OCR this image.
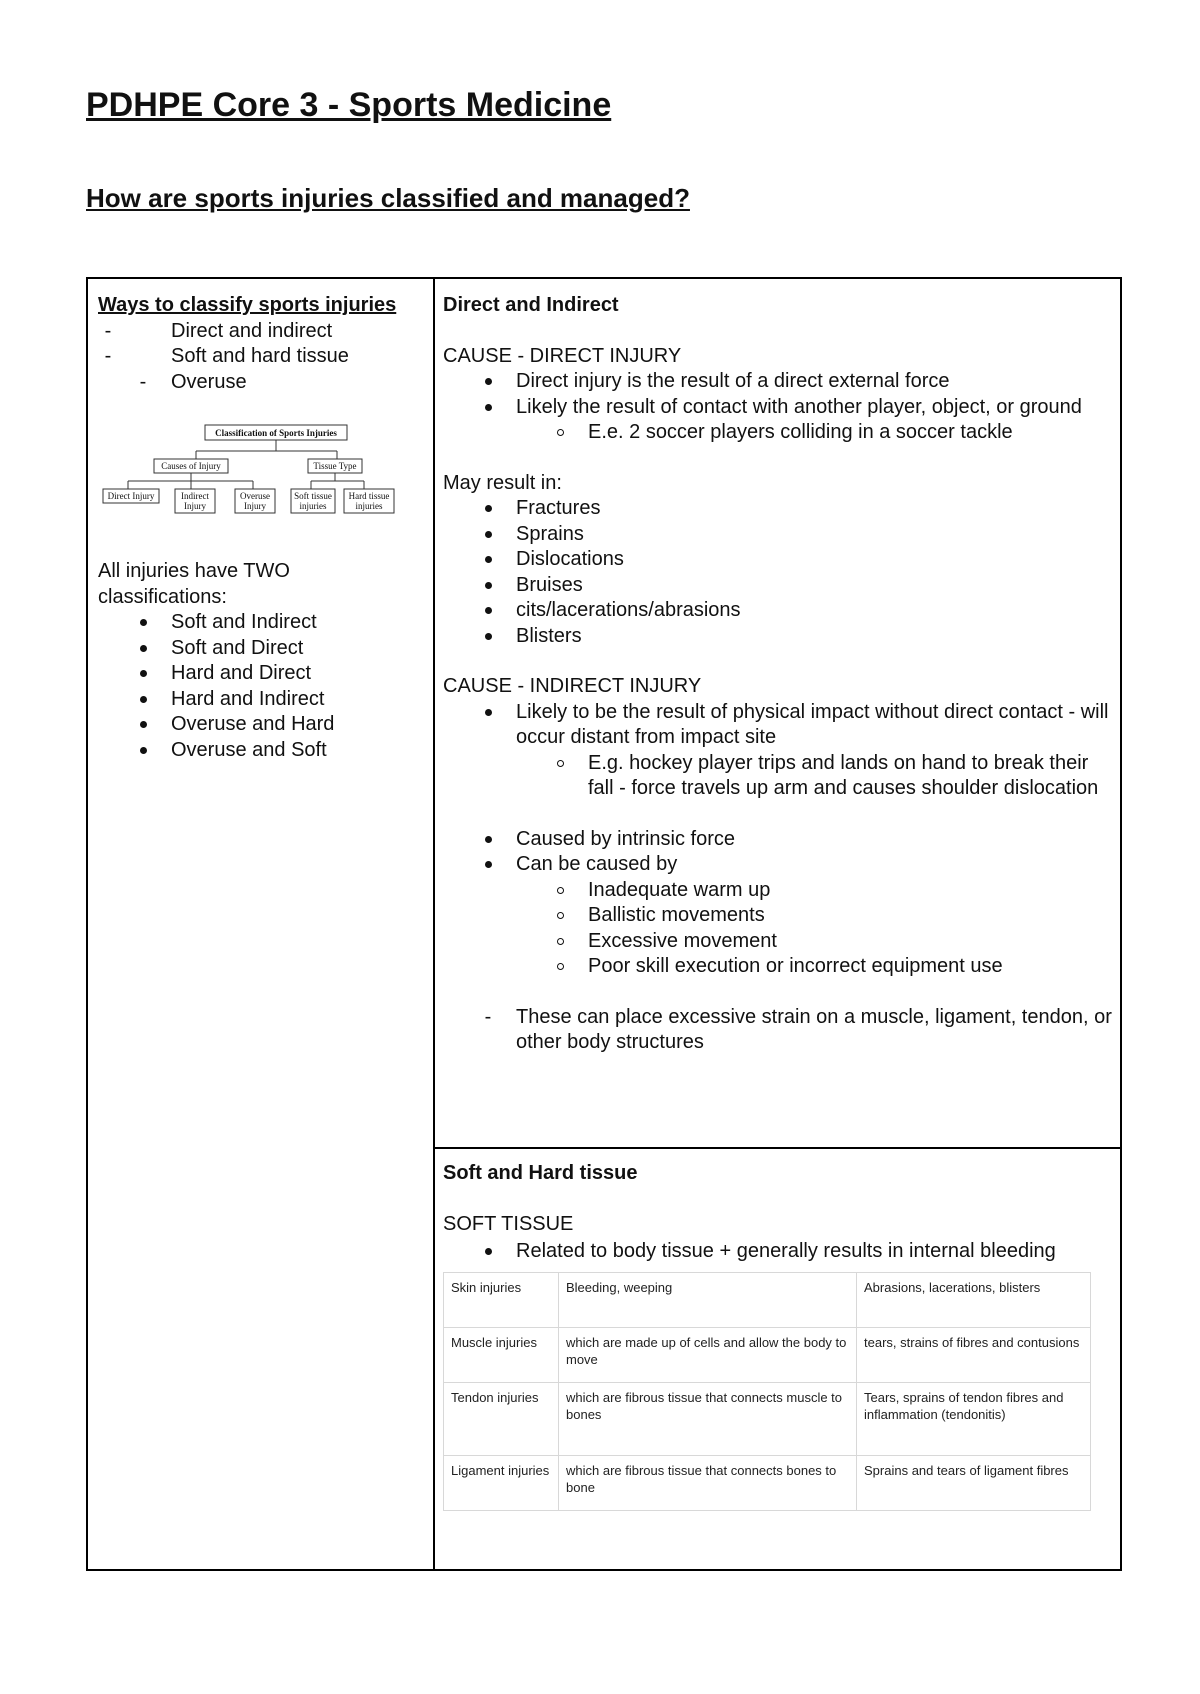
PDHPE Core 3 - Sports Medicine
How are sports injuries classified and managed?
Ways to classify sports injuries
-	Direct and indirect
-	Soft and hard tissue
-	Overuse
Classification of Sports Injuries
Causes of Injury	Tissue Type
Direct Injury	Indirect
Injury
Overuse
Injury
Soft tissue
injuries
Hard tissue
injuries
All injuries have TWO classifications:
Soft and Indirect
Soft and Direct
Hard and Direct
Hard and Indirect
Overuse and Hard
Overuse and Soft
Direct and Indirect
CAUSE - DIRECT INJURY
Direct injury is the result of a direct external force
Likely the result of contact with another player, object, or ground
E.e. 2 soccer players colliding in a soccer tackle
May result in:
Fractures
Sprains
Dislocations
Bruises
cits/lacerations/abrasions
Blisters
CAUSE - INDIRECT INJURY
Likely to be the result of physical impact without direct contact - will occur distant from impact site
E.g. hockey player trips and lands on hand to break their fall - force travels up arm and causes shoulder dislocation
Caused by intrinsic force
Can be caused by
Inadequate warm up
Ballistic movements
Excessive movement
Poor skill execution or incorrect equipment use
-	These can place excessive strain on a muscle, ligament, tendon, or other body structures
Soft and Hard tissue
SOFT TISSUE
Related to body tissue + generally results in internal bleeding
Skin injuries	Bleeding, weeping	Abrasions, lacerations, blisters
Muscle injuries	which are made up of cells and allow the body to move	tears, strains of fibres and contusions
Tendon injuries	which are fibrous tissue that connects muscle to bones	Tears, sprains of tendon fibres and inflammation (tendonitis)
Ligament injuries	which are fibrous tissue that connects bones to bone	Sprains and tears of ligament fibres
